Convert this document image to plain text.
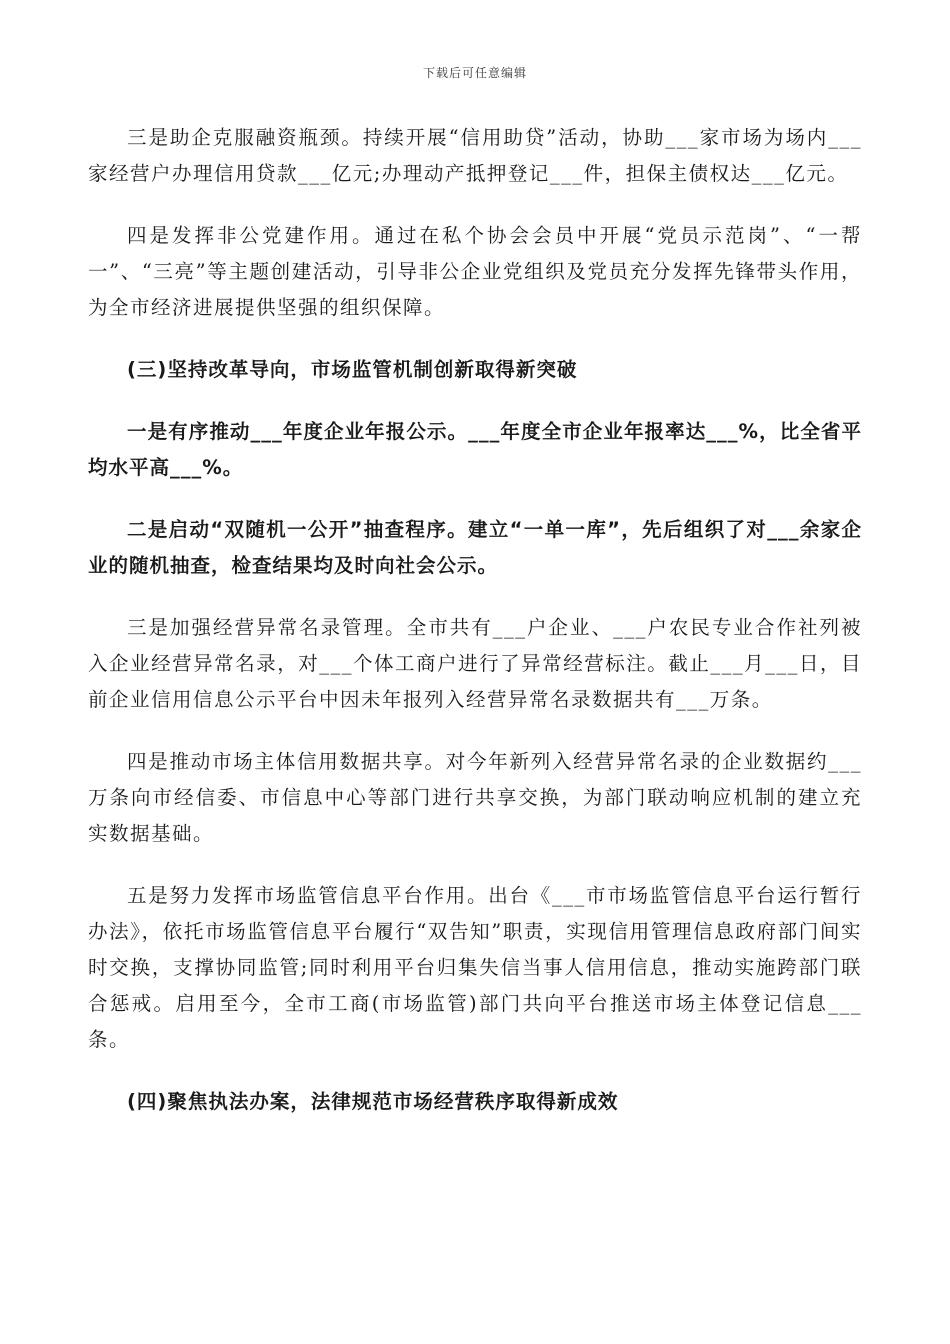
下载后可任意编辑

三是助企克服融资瓶颈。持续开展“信用助贷”活动，协助___家市场为场内___家经营户办理信用贷款___亿元;办理动产抵押登记___件，担保主债权达___亿元。

四是发挥非公党建作用。通过在私个协会会员中开展“党员示范岗”、“一帮一”、“三亮”等主题创建活动，引导非公企业党组织及党员充分发挥先锋带头作用，为全市经济进展提供坚强的组织保障。

(三)坚持改革导向，市场监管机制创新取得新突破

一是有序推动___年度企业年报公示。___年度全市企业年报率达___%，比全省平均水平高___%。

二是启动“双随机一公开”抽查程序。建立“一单一库”，先后组织了对___余家企业的随机抽查，检查结果均及时向社会公示。

三是加强经营异常名录管理。全市共有___户企业、___户农民专业合作社列被入企业经营异常名录，对___个体工商户进行了异常经营标注。截止___月___日，目前企业信用信息公示平台中因未年报列入经营异常名录数据共有___万条。

四是推动市场主体信用数据共享。对今年新列入经营异常名录的企业数据约___万条向市经信委、市信息中心等部门进行共享交换，为部门联动响应机制的建立充实数据基础。

五是努力发挥市场监管信息平台作用。出台《___市市场监管信息平台运行暂行办法》，依托市场监管信息平台履行“双告知”职责，实现信用管理信息政府部门间实时交换，支撑协同监管;同时利用平台归集失信当事人信用信息，推动实施跨部门联合惩戒。启用至今，全市工商(市场监管)部门共向平台推送市场主体登记信息___条。

(四)聚焦执法办案，法律规范市场经营秩序取得新成效
